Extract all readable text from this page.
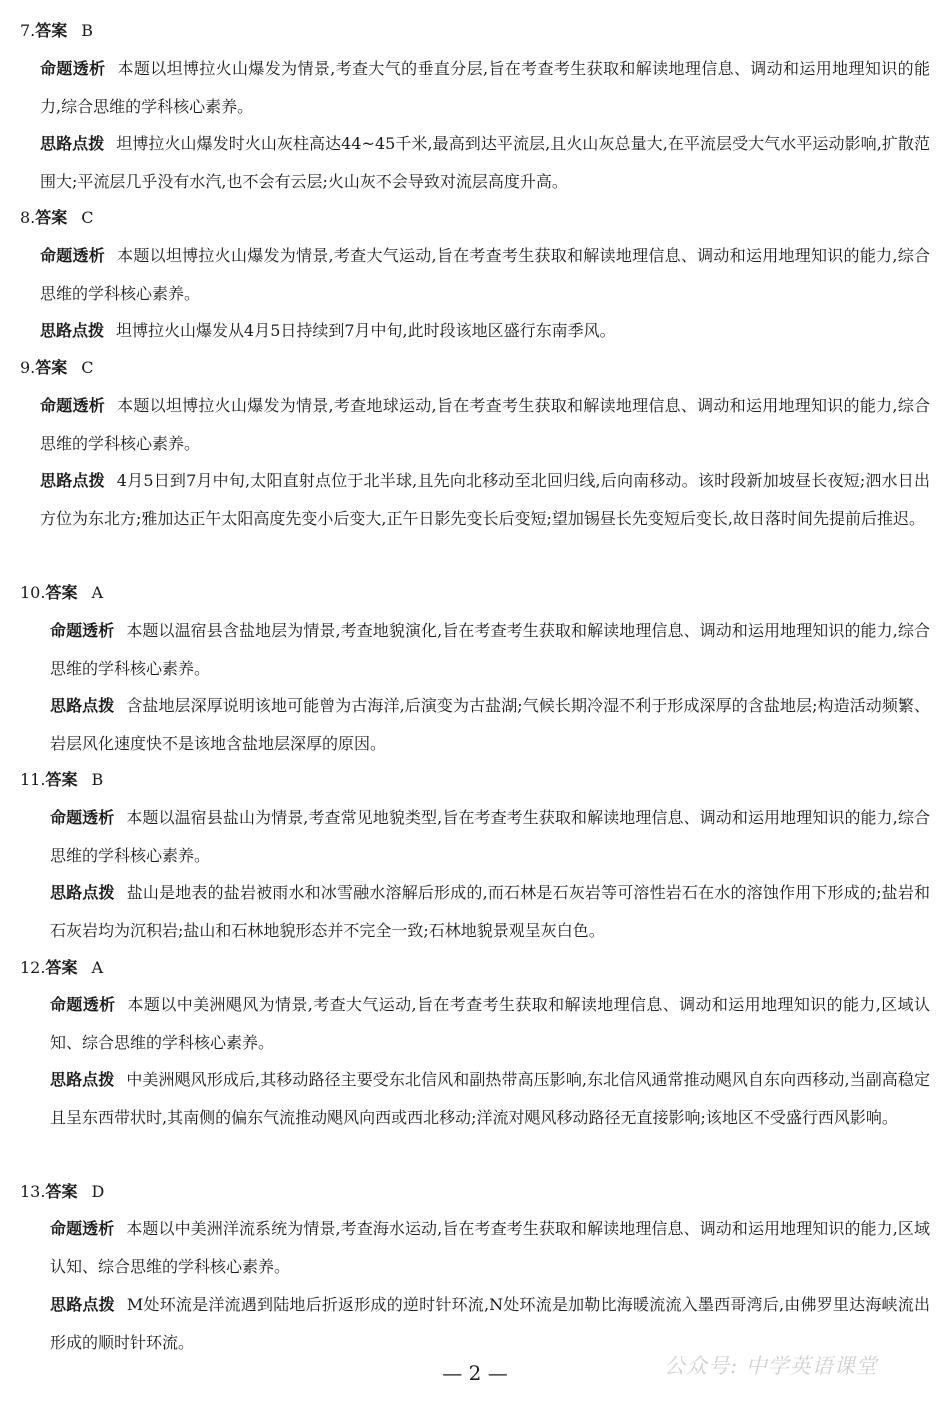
7.答案 B
命题透析 本题以坦博拉火山爆发为情景,考查大气的垂直分层,旨在考查考生获取和解读地理信息、调动和运用地理知识的能力,综合思维的学科核心素养。
思路点拨 坦博拉火山爆发时火山灰柱高达44~45千米,最高到达平流层,且火山灰总量大,在平流层受大气水平运动影响,扩散范围大;平流层几乎没有水汽,也不会有云层;火山灰不会导致对流层高度升高。
8.答案 C
命题透析 本题以坦博拉火山爆发为情景,考查大气运动,旨在考查考生获取和解读地理信息、调动和运用地理知识的能力,综合思维的学科核心素养。
思路点拨 坦博拉火山爆发从4月5日持续到7月中旬,此时段该地区盛行东南季风。
9.答案 C
命题透析 本题以坦博拉火山爆发为情景,考查地球运动,旨在考查考生获取和解读地理信息、调动和运用地理知识的能力,综合思维的学科核心素养。
思路点拨 4月5日到7月中旬,太阳直射点位于北半球,且先向北移动至北回归线,后向南移动。该时段新加坡昼长夜短;泗水日出方位为东北方;雅加达正午太阳高度先变小后变大,正午日影先变长后变短;望加锡昼长先变短后变长,故日落时间先提前后推迟。
10.答案 A
命题透析 本题以温宿县含盐地层为情景,考查地貌演化,旨在考查考生获取和解读地理信息、调动和运用地理知识的能力,综合思维的学科核心素养。
思路点拨 含盐地层深厚说明该地可能曾为古海洋,后演变为古盐湖;气候长期冷湿不利于形成深厚的含盐地层;构造活动频繁、岩层风化速度快不是该地含盐地层深厚的原因。
11.答案 B
命题透析 本题以温宿县盐山为情景,考查常见地貌类型,旨在考查考生获取和解读地理信息、调动和运用地理知识的能力,综合思维的学科核心素养。
思路点拨 盐山是地表的盐岩被雨水和冰雪融水溶解后形成的,而石林是石灰岩等可溶性岩石在水的溶蚀作用下形成的;盐岩和石灰岩均为沉积岩;盐山和石林地貌形态并不完全一致;石林地貌景观呈灰白色。
12.答案 A
命题透析 本题以中美洲飓风为情景,考查大气运动,旨在考查考生获取和解读地理信息、调动和运用地理知识的能力,区域认知、综合思维的学科核心素养。
思路点拨 中美洲飓风形成后,其移动路径主要受东北信风和副热带高压影响,东北信风通常推动飓风自东向西移动,当副高稳定且呈东西带状时,其南侧的偏东气流推动飓风向西或西北移动;洋流对飓风移动路径无直接影响;该地区不受盛行西风影响。
13.答案 D
命题透析 本题以中美洲洋流系统为情景,考查海水运动,旨在考查考生获取和解读地理信息、调动和运用地理知识的能力,区域认知、综合思维的学科核心素养。
思路点拨 M处环流是洋流遇到陆地后折返形成的逆时针环流,N处环流是加勒比海暖流流入墨西哥湾后,由佛罗里达海峡流出形成的顺时针环流。
— 2 —	公众号: 中学英语课堂
